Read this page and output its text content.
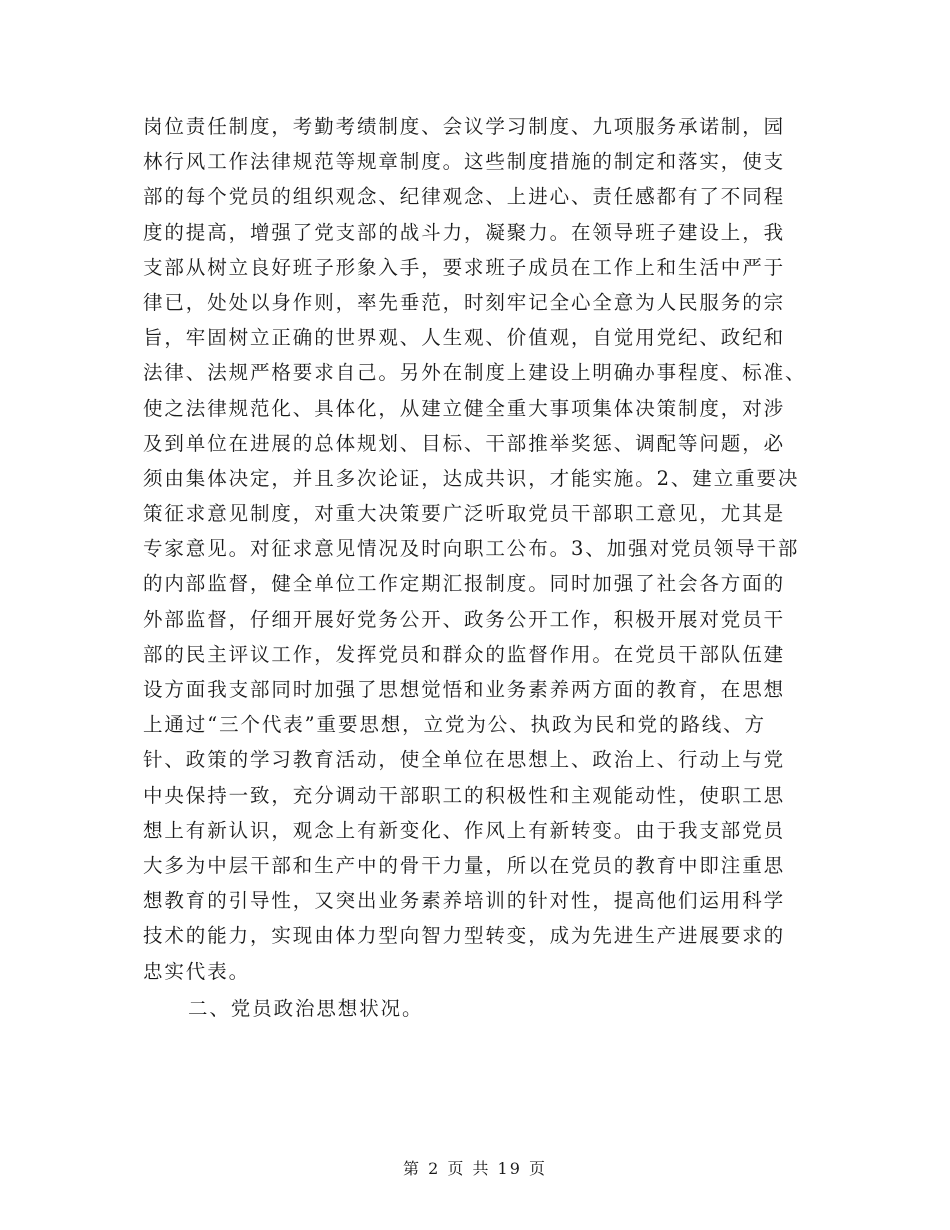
岗位责任制度，考勤考绩制度、会议学习制度、九项服务承诺制，园
林行风工作法律规范等规章制度。这些制度措施的制定和落实，使支
部的每个党员的组织观念、纪律观念、上进心、责任感都有了不同程
度的提高，增强了党支部的战斗力，凝聚力。在领导班子建设上，我
支部从树立良好班子形象入手，要求班子成员在工作上和生活中严于
律已，处处以身作则，率先垂范，时刻牢记全心全意为人民服务的宗
旨，牢固树立正确的世界观、人生观、价值观，自觉用党纪、政纪和
法律、法规严格要求自己。另外在制度上建设上明确办事程度、标准、
使之法律规范化、具体化，从建立健全重大事项集体决策制度，对涉
及到单位在进展的总体规划、目标、干部推举奖惩、调配等问题，必
须由集体决定，并且多次论证，达成共识，才能实施。2、建立重要决
策征求意见制度，对重大决策要广泛听取党员干部职工意见，尤其是
专家意见。对征求意见情况及时向职工公布。3、加强对党员领导干部
的内部监督，健全单位工作定期汇报制度。同时加强了社会各方面的
外部监督，仔细开展好党务公开、政务公开工作，积极开展对党员干
部的民主评议工作，发挥党员和群众的监督作用。在党员干部队伍建
设方面我支部同时加强了思想觉悟和业务素养两方面的教育，在思想
上通过“三个代表”重要思想，立党为公、执政为民和党的路线、方
针、政策的学习教育活动，使全单位在思想上、政治上、行动上与党
中央保持一致，充分调动干部职工的积极性和主观能动性，使职工思
想上有新认识，观念上有新变化、作风上有新转变。由于我支部党员
大多为中层干部和生产中的骨干力量，所以在党员的教育中即注重思
想教育的引导性，又突出业务素养培训的针对性，提高他们运用科学
技术的能力，实现由体力型向智力型转变，成为先进生产进展要求的
忠实代表。
二、党员政治思想状况。
第 2 页 共 19 页
